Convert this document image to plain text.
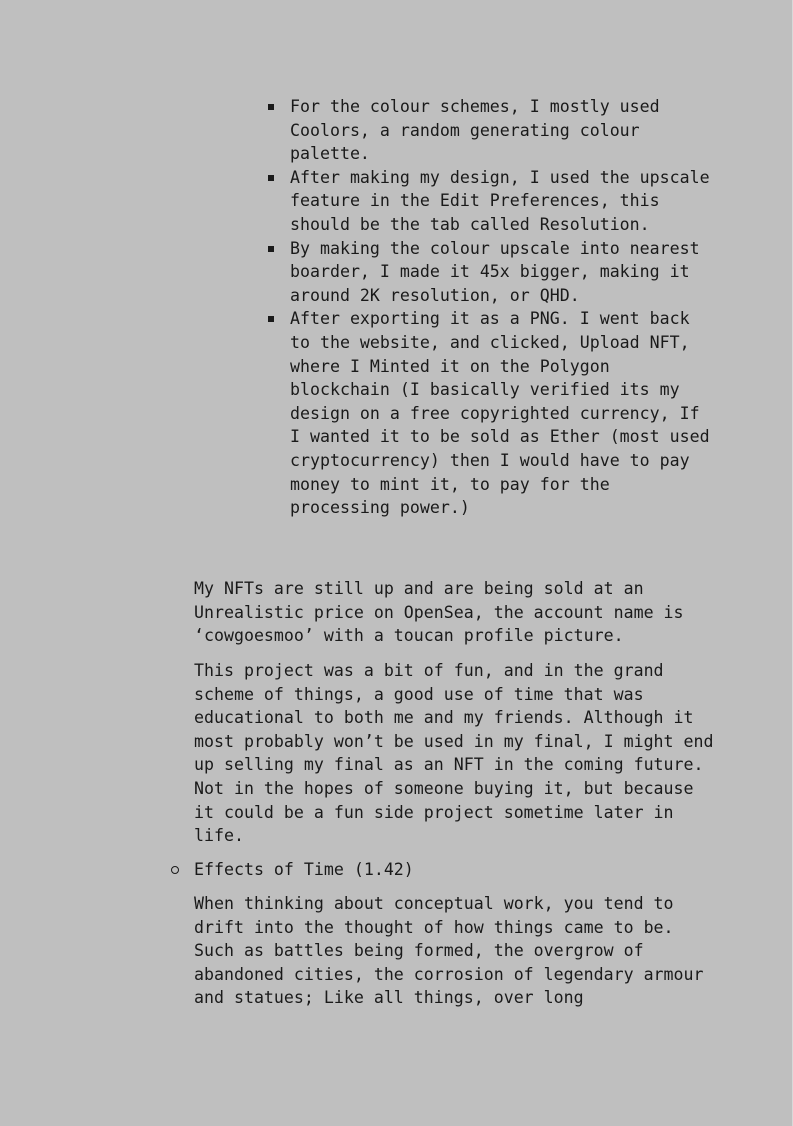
For the colour schemes, I mostly used Coolors, a random generating colour palette.
After making my design, I used the upscale feature in the Edit Preferences, this should be the tab called Resolution.
By making the colour upscale into nearest boarder, I made it 45x bigger, making it around 2K resolution, or QHD.
After exporting it as a PNG. I went back to the website, and clicked, Upload NFT, where I Minted it on the Polygon blockchain (I basically verified its my design on a free copyrighted currency, If I wanted it to be sold as Ether (most used cryptocurrency) then I would have to pay money to mint it, to pay for the processing power.)

My NFTs are still up and are being sold at an Unrealistic price on OpenSea, the account name is ‘cowgoesmoo’ with a toucan profile picture.

This project was a bit of fun, and in the grand scheme of things, a good use of time that was educational to both me and my friends. Although it most probably won’t be used in my final, I might end up selling my final as an NFT in the coming future. Not in the hopes of someone buying it, but because it could be a fun side project sometime later in life.

Effects of Time (1.42)

When thinking about conceptual work, you tend to drift into the thought of how things came to be. Such as battles being formed, the overgrow of abandoned cities, the corrosion of legendary armour and statues; Like all things, over long
